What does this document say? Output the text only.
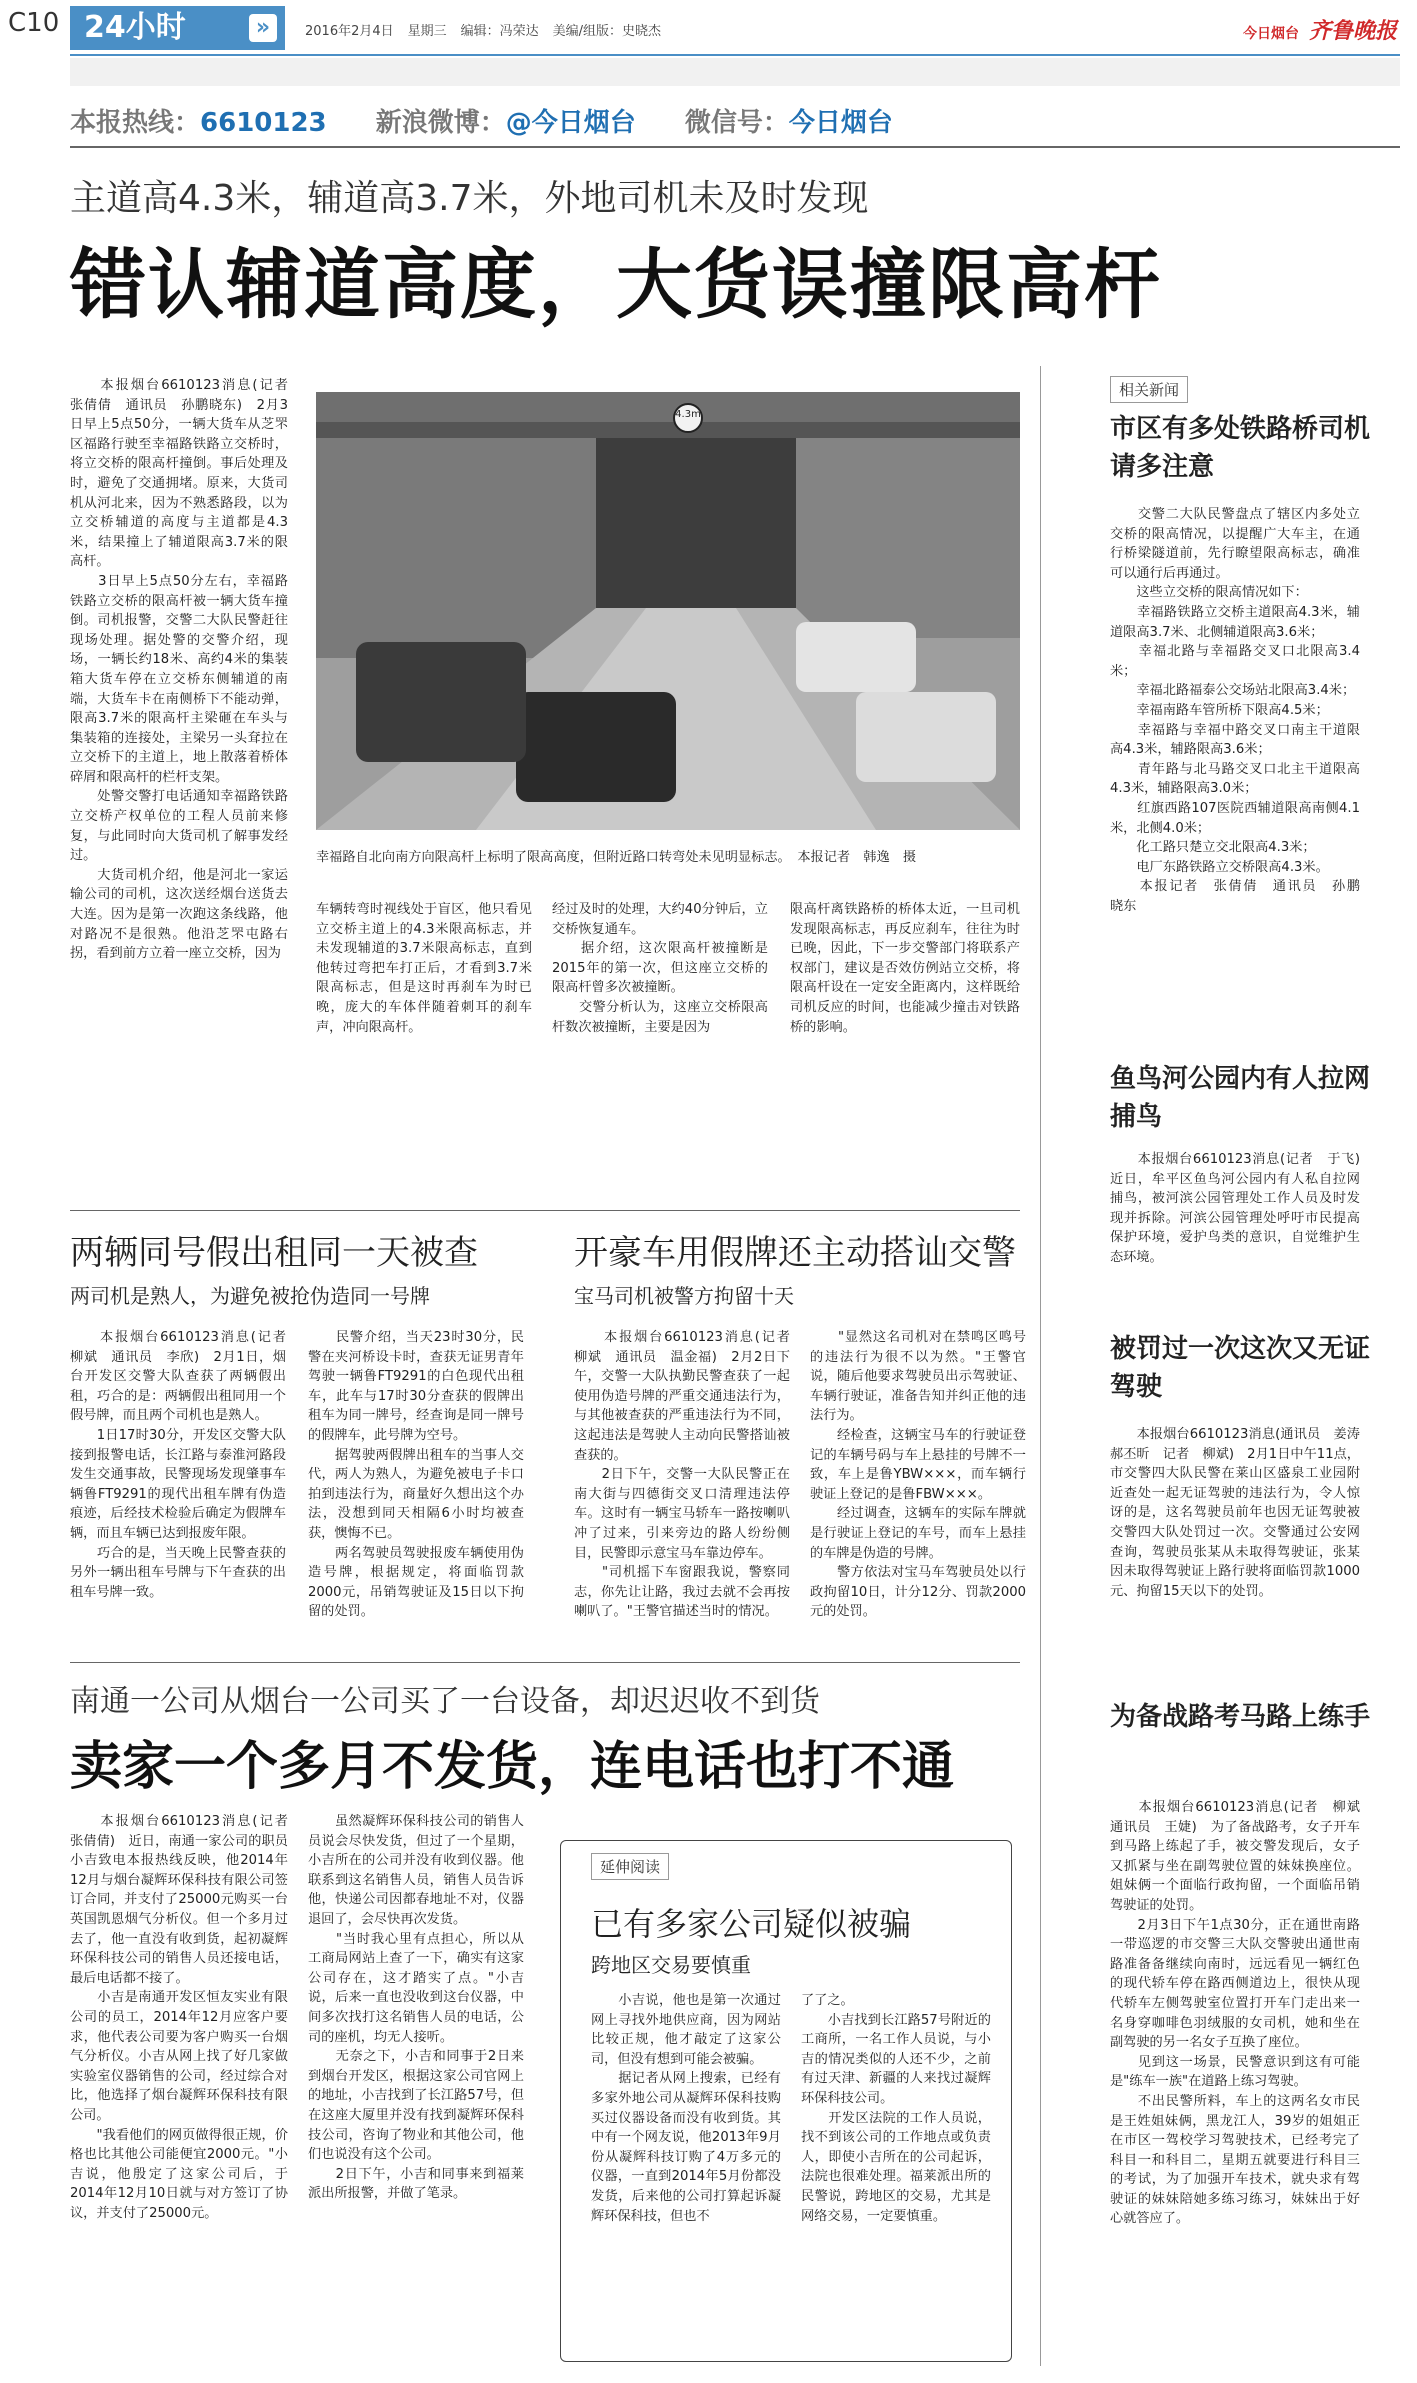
C10 24小时	»	2016年2月4日 星期三 编辑：冯荣达 美编/组版：史晓杰	今日烟台 齐鲁晚报
本报热线：6610123 新浪微博：@今日烟台 微信号：今日烟台
主道高4.3米，辅道高3.7米，外地司机未及时发现
错认辅道高度，大货误撞限高杆

　　本报烟台6610123消息(记者　张倩倩　通讯员　孙鹏晓东)　2月3日早上5点50分，一辆大货车从芝罘区福路行驶至幸福路铁路立交桥时，将立交桥的限高杆撞倒。事后处理及时，避免了交通拥堵。原来，大货司机从河北来，因为不熟悉路段，以为立交桥辅道的高度与主道都是4.3米，结果撞上了辅道限高3.7米的限高杆。
　　3日早上5点50分左右，幸福路铁路立交桥的限高杆被一辆大货车撞倒。司机报警，交警二大队民警赶往现场处理。据处警的交警介绍，现场，一辆长约18米、高约4米的集装箱大货车停在立交桥东侧辅道的南端，大货车卡在南侧桥下不能动弹，限高3.7米的限高杆主梁砸在车头与集装箱的连接处，主梁另一头耷拉在立交桥下的主道上，地上散落着桥体碎屑和限高杆的栏杆支架。
　　处警交警打电话通知幸福路铁路立交桥产权单位的工程人员前来修复，与此同时向大货司机了解事发经过。
　　大货司机介绍，他是河北一家运输公司的司机，这次送经烟台送货去大连。因为是第一次跑这条线路，他对路况不是很熟。他沿芝罘屯路右拐，看到前方立着一座立交桥，因为

4.3m
幸福路自北向南方向限高杆上标明了限高高度，但附近路口转弯处未见明显标志。　本报记者　韩逸　摄

车辆转弯时视线处于盲区，他只看见立交桥主道上的4.3米限高标志，并未发现辅道的3.7米限高标志，直到他转过弯把车打正后，才看到3.7米限高标志，但是这时再刹车为时已晚，庞大的车体伴随着刺耳的刹车声，冲向限高杆。

经过及时的处理，大约40分钟后，立交桥恢复通车。
　　据介绍，这次限高杆被撞断是2015年的第一次，但这座立交桥的限高杆曾多次被撞断。
　　交警分析认为，这座立交桥限高杆数次被撞断，主要是因为

限高杆离铁路桥的桥体太近，一旦司机发现限高标志，再反应刹车，往往为时已晚，因此，下一步交警部门将联系产权部门，建议是否效仿例站立交桥，将限高杆设在一定安全距离内，这样既给司机反应的时间，也能减少撞击对铁路桥的影响。

两辆同号假出租同一天被查
两司机是熟人，为避免被抢伪造同一号牌

　　本报烟台6610123消息(记者　柳斌　通讯员　李欣)　2月1日，烟台开发区交警大队查获了两辆假出租，巧合的是：两辆假出租同用一个假号牌，而且两个司机也是熟人。
　　1日17时30分，开发区交警大队接到报警电话，长江路与泰淮河路段发生交通事故，民警现场发现肇事车辆鲁FT9291的现代出租车牌有伪造痕迹，后经技术检验后确定为假牌车辆，而且车辆已达到报废年限。
　　巧合的是，当天晚上民警查获的另外一辆出租车号牌与下午查获的出租车号牌一致。

　　民警介绍，当天23时30分，民警在夹河桥设卡时，查获无证男青年驾驶一辆鲁FT9291的白色现代出租车，此车与17时30分查获的假牌出租车为同一牌号，经查询是同一牌号的假牌车，此号牌为空号。
　　据驾驶两假牌出租车的当事人交代，两人为熟人，为避免被电子卡口拍到违法行为，商量好久想出这个办法，没想到同天相隔6小时均被查获，懊悔不已。
　　两名驾驶员驾驶报废车辆使用伪造号牌，根据规定，将面临罚款2000元，吊销驾驶证及15日以下拘留的处罚。

开豪车用假牌还主动搭讪交警
宝马司机被警方拘留十天

　　本报烟台6610123消息(记者　柳斌　通讯员　温金福)　2月2日下午，交警一大队执勤民警查获了一起使用伪造号牌的严重交通违法行为，与其他被查获的严重违法行为不同，这起违法是驾驶人主动向民警搭讪被查获的。
　　2日下午，交警一大队民警正在南大街与四德街交叉口清理违法停车。这时有一辆宝马轿车一路按喇叭冲了过来，引来旁边的路人纷纷侧目，民警即示意宝马车靠边停车。
　　"司机摇下车窗跟我说，警察同志，你先让让路，我过去就不会再按喇叭了。"王警官描述当时的情况。

　　"显然这名司机对在禁鸣区鸣号的违法行为很不以为然。"王警官说，随后他要求驾驶员出示驾驶证、车辆行驶证，准备告知并纠正他的违法行为。
　　经检查，这辆宝马车的行驶证登记的车辆号码与车上悬挂的号牌不一致，车上是鲁YBW×××，而车辆行驶证上登记的是鲁FBW×××。
　　经过调查，这辆车的实际车牌就是行驶证上登记的车号，而车上悬挂的车牌是伪造的号牌。
　　警方依法对宝马车驾驶员处以行政拘留10日，计分12分、罚款2000元的处罚。

南通一公司从烟台一公司买了一台设备，却迟迟收不到货
卖家一个多月不发货，连电话也打不通

　　本报烟台6610123消息(记者　张倩倩)　近日，南通一家公司的职员小吉致电本报热线反映，他2014年12月与烟台凝辉环保科技有限公司签订合同，并支付了25000元购买一台英国凯恩烟气分析仪。但一个多月过去了，他一直没有收到货，起初凝辉环保科技公司的销售人员还接电话，最后电话都不接了。
　　小吉是南通开发区恒友实业有限公司的员工，2014年12月应客户要求，他代表公司要为客户购买一台烟气分析仪。小吉从网上找了好几家做实验室仪器销售的公司，经过综合对比，他选择了烟台凝辉环保科技有限公司。
　　"我看他们的网页做得很正规，价格也比其他公司能便宜2000元。"小吉说，他殷定了这家公司后，于2014年12月10日就与对方签订了协议，并支付了25000元。

　　虽然凝辉环保科技公司的销售人员说会尽快发货，但过了一个星期，小吉所在的公司并没有收到仪器。他联系到这名销售人员，销售人员告诉他，快递公司因都春地址不对，仪器退回了，会尽快再次发货。
　　"当时我心里有点担心，所以从工商局网站上查了一下，确实有这家公司存在，这才踏实了点。"小吉说，后来一直也没收到这台仪器，中间多次找打这名销售人员的电话，公司的座机，均无人接听。
　　无奈之下，小吉和同事于2日来到烟台开发区，根据这家公司官网上的地址，小吉找到了长江路57号，但在这座大厦里并没有找到凝辉环保科技公司，咨询了物业和其他公司，他们也说没有这个公司。
　　2日下午，小吉和同事来到福莱派出所报警，并做了笔录。

延伸阅读
已有多家公司疑似被骗
跨地区交易要慎重

　　小吉说，他也是第一次通过网上寻找外地供应商，因为网站比较正规，他才敲定了这家公司，但没有想到可能会被骗。
　　据记者从网上搜索，已经有多家外地公司从凝辉环保科技购买过仪器设备而没有收到货。其中有一个网友说，他2013年9月份从凝辉科技订购了4万多元的仪器，一直到2014年5月份都没发货，后来他的公司打算起诉凝辉环保科技，但也不

了了之。
　　小吉找到长江路57号附近的工商所，一名工作人员说，与小吉的情况类似的人还不少，之前有过天津、新疆的人来找过凝辉环保科技公司。
　　开发区法院的工作人员说，找不到该公司的工作地点或负责人，即使小吉所在的公司起诉，法院也很难处理。福莱派出所的民警说，跨地区的交易，尤其是网络交易，一定要慎重。

相关新闻
市区有多处铁路桥司机请多注意

　　交警二大队民警盘点了辖区内多处立交桥的限高情况，以提醒广大车主，在通行桥梁隧道前，先行瞭望限高标志，确准可以通行后再通过。
　　这些立交桥的限高情况如下：
　　幸福路铁路立交桥主道限高4.3米，辅道限高3.7米、北侧辅道限高3.6米；
　　幸福北路与幸福路交叉口北限高3.4米；
　　幸福北路福泰公交场站北限高3.4米；
　　幸福南路车管所桥下限高4.5米；
　　幸福路与幸福中路交叉口南主干道限高4.3米，辅路限高3.6米；
　　青年路与北马路交叉口北主干道限高4.3米，辅路限高3.0米；
　　红旗西路107医院西辅道限高南侧4.1米，北侧4.0米；
　　化工路只楚立交北限高4.3米；
　　电厂东路铁路立交桥限高4.3米。
　　本报记者　张倩倩　通讯员　孙鹏　晓东

鱼鸟河公园内有人拉网捕鸟

　　本报烟台6610123消息(记者　于飞)　近日，牟平区鱼鸟河公园内有人私自拉网捕鸟，被河滨公园管理处工作人员及时发现并拆除。河滨公园管理处呼吁市民提高保护环境，爱护鸟类的意识，自觉维护生态环境。

被罚过一次这次又无证驾驶

　　本报烟台6610123消息(通讯员　姜涛　郝丕昕　记者　柳斌)　2月1日中午11点，市交警四大队民警在莱山区盛泉工业园附近查处一起无证驾驶的违法行为，令人惊讶的是，这名驾驶员前年也因无证驾驶被交警四大队处罚过一次。交警通过公安网查询，驾驶员张某从未取得驾驶证，张某因未取得驾驶证上路行驶将面临罚款1000元、拘留15天以下的处罚。

为备战路考马路上练手

　　本报烟台6610123消息(记者　柳斌　通讯员　王婕)　为了备战路考，女子开车到马路上练起了手，被交警发现后，女子又抓紧与坐在副驾驶位置的妹妹换座位。姐妹俩一个面临行政拘留，一个面临吊销驾驶证的处罚。
　　2月3日下午1点30分，正在通世南路一带巡逻的市交警三大队交警驶出通世南路准备备继续向南时，远远看见一辆红色的现代轿车停在路西侧道边上，很快从现代轿车左侧驾驶室位置打开车门走出来一名身穿咖啡色羽绒服的女司机，她和坐在副驾驶的另一名女子互换了座位。
　　见到这一场景，民警意识到这有可能是"练车一族"在道路上练习驾驶。
　　不出民警所料，车上的这两名女市民是王姓姐妹俩，黑龙江人，39岁的姐姐正在市区一驾校学习驾驶技术，已经考完了科目一和科目二，星期五就要进行科目三的考试，为了加强开车技术，就央求有驾驶证的妹妹陪她多练习练习，妹妹出于好心就答应了。
